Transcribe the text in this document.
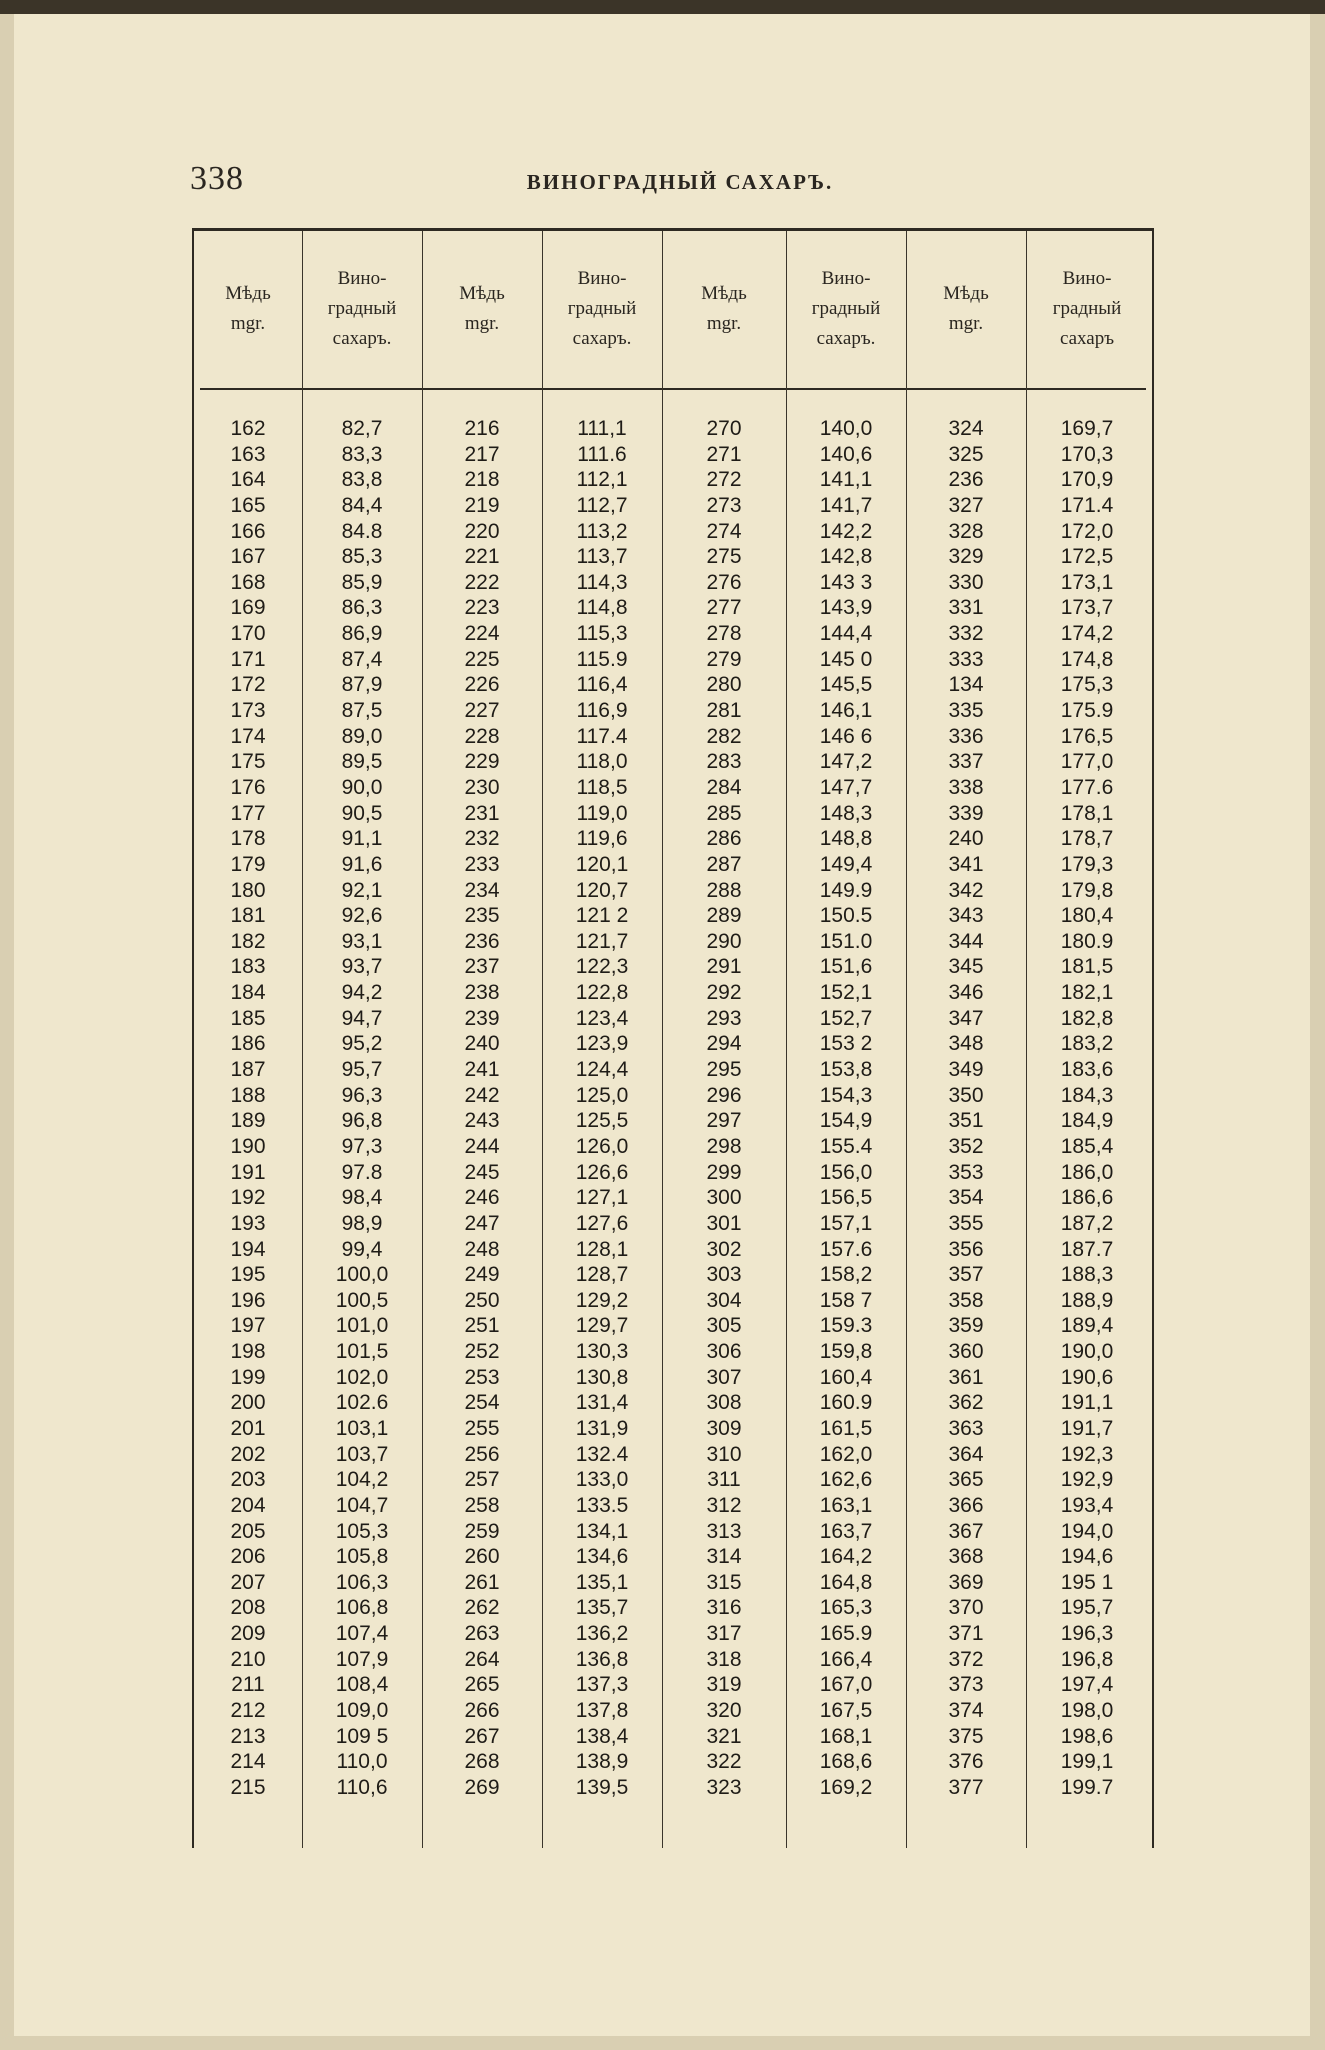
338	ВИНОГРАДНЫЙ САХАРЪ.
Мѣдь
mgr.
162
163
164
165
166
167
168
169
170
171
172
173
174
175
176
177
178
179
180
181
182
183
184
185
186
187
188
189
190
191
192
193
194
195
196
197
198
199
200
201
202
203
204
205
206
207
208
209
210
211
212
213
214
215
Вино-
градный
сахаръ.
82,7
83,3
83,8
84,4
84.8
85,3
85,9
86,3
86,9
87,4
87,9
87,5
89,0
89,5
90,0
90,5
91,1
91,6
92,1
92,6
93,1
93,7
94,2
94,7
95,2
95,7
96,3
96,8
97,3
97.8
98,4
98,9
99,4
100,0
100,5
101,0
101,5
102,0
102.6
103,1
103,7
104,2
104,7
105,3
105,8
106,3
106,8
107,4
107,9
108,4
109,0
109 5
110,0
110,6
Мѣдь
mgr.
216
217
218
219
220
221
222
223
224
225
226
227
228
229
230
231
232
233
234
235
236
237
238
239
240
241
242
243
244
245
246
247
248
249
250
251
252
253
254
255
256
257
258
259
260
261
262
263
264
265
266
267
268
269
Вино-
градный
сахаръ.
111,1
111.6
112,1
112,7
113,2
113,7
114,3
114,8
115,3
115.9
116,4
116,9
117.4
118,0
118,5
119,0
119,6
120,1
120,7
121 2
121,7
122,3
122,8
123,4
123,9
124,4
125,0
125,5
126,0
126,6
127,1
127,6
128,1
128,7
129,2
129,7
130,3
130,8
131,4
131,9
132.4
133,0
133.5
134,1
134,6
135,1
135,7
136,2
136,8
137,3
137,8
138,4
138,9
139,5
Мѣдь
mgr.
270
271
272
273
274
275
276
277
278
279
280
281
282
283
284
285
286
287
288
289
290
291
292
293
294
295
296
297
298
299
300
301
302
303
304
305
306
307
308
309
310
311
312
313
314
315
316
317
318
319
320
321
322
323
Вино-
градный
сахаръ.
140,0
140,6
141,1
141,7
142,2
142,8
143 3
143,9
144,4
145 0
145,5
146,1
146 6
147,2
147,7
148,3
148,8
149,4
149.9
150.5
151.0
151,6
152,1
152,7
153 2
153,8
154,3
154,9
155.4
156,0
156,5
157,1
157.6
158,2
158 7
159.3
159,8
160,4
160.9
161,5
162,0
162,6
163,1
163,7
164,2
164,8
165,3
165.9
166,4
167,0
167,5
168,1
168,6
169,2
Мѣдь
mgr.
324
325
236
327
328
329
330
331
332
333
134
335
336
337
338
339
240
341
342
343
344
345
346
347
348
349
350
351
352
353
354
355
356
357
358
359
360
361
362
363
364
365
366
367
368
369
370
371
372
373
374
375
376
377
Вино-
градный
сахаръ
169,7
170,3
170,9
171.4
172,0
172,5
173,1
173,7
174,2
174,8
175,3
175.9
176,5
177,0
177.6
178,1
178,7
179,3
179,8
180,4
180.9
181,5
182,1
182,8
183,2
183,6
184,3
184,9
185,4
186,0
186,6
187,2
187.7
188,3
188,9
189,4
190,0
190,6
191,1
191,7
192,3
192,9
193,4
194,0
194,6
195 1
195,7
196,3
196,8
197,4
198,0
198,6
199,1
199.7
